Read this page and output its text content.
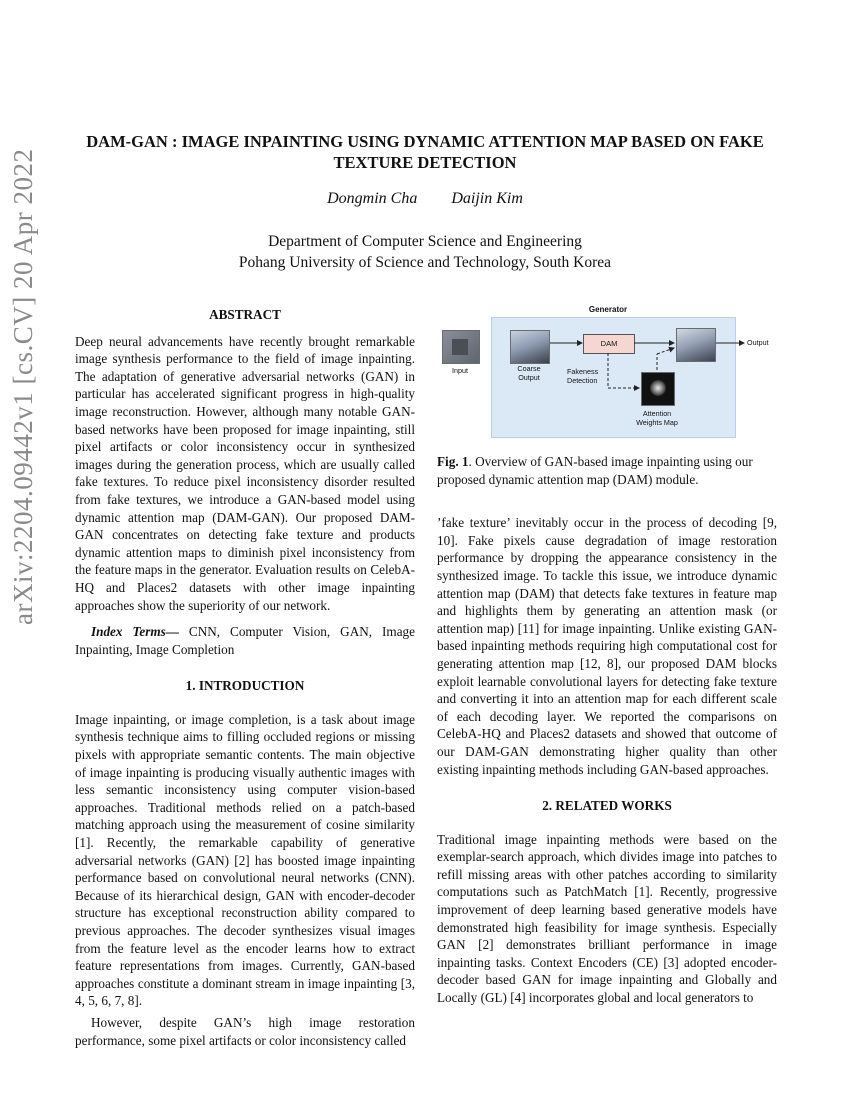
arXiv:2204.09442v1 [cs.CV] 20 Apr 2022
DAM-GAN : IMAGE INPAINTING USING DYNAMIC ATTENTION MAP BASED ON FAKE TEXTURE DETECTION
Dongmin Cha Daijin Kim
Department of Computer Science and Engineering
Pohang University of Science and Technology, South Korea
ABSTRACT

Deep neural advancements have recently brought remarkable image synthesis performance to the field of image inpainting. The adaptation of generative adversarial networks (GAN) in particular has accelerated significant progress in high-quality image reconstruction. However, although many notable GAN-based networks have been proposed for image inpainting, still pixel artifacts or color inconsistency occur in synthesized images during the generation process, which are usually called fake textures. To reduce pixel inconsistency disorder resulted from fake textures, we introduce a GAN-based model using dynamic attention map (DAM-GAN). Our proposed DAM-GAN concentrates on detecting fake texture and products dynamic attention maps to diminish pixel inconsistency from the feature maps in the generator. Evaluation results on CelebA-HQ and Places2 datasets with other image inpainting approaches show the superiority of our network.

Index Terms— CNN, Computer Vision, GAN, Image Inpainting, Image Completion

1. INTRODUCTION

Image inpainting, or image completion, is a task about image synthesis technique aims to filling occluded regions or missing pixels with appropriate semantic contents. The main objective of image inpainting is producing visually authentic images with less semantic inconsistency using computer vision-based approaches. Traditional methods relied on a patch-based matching approach using the measurement of cosine similarity [1]. Recently, the remarkable capability of generative adversarial networks (GAN) [2] has boosted image inpainting performance based on convolutional neural networks (CNN). Because of its hierarchical design, GAN with encoder-decoder structure has exceptional reconstruction ability compared to previous approaches. The decoder synthesizes visual images from the feature level as the encoder learns how to extract feature representations from images. Currently, GAN-based approaches constitute a dominant stream in image inpainting [3, 4, 5, 6, 7, 8].

However, despite GAN’s high image restoration performance, some pixel artifacts or color inconsistency called

Generator
Input	Coarse
Output
DAM	Output
Fakeness
Detection
Attention
Weights Map

Fig. 1. Overview of GAN-based image inpainting using our proposed dynamic attention map (DAM) module.

’fake texture’ inevitably occur in the process of decoding [9, 10]. Fake pixels cause degradation of image restoration performance by dropping the appearance consistency in the synthesized image. To tackle this issue, we introduce dynamic attention map (DAM) that detects fake textures in feature map and highlights them by generating an attention mask (or attention map) [11] for image inpainting. Unlike existing GAN-based inpainting methods requiring high computational cost for generating attention map [12, 8], our proposed DAM blocks exploit learnable convolutional layers for detecting fake texture and converting it into an attention map for each different scale of each decoding layer. We reported the comparisons on CelebA-HQ and Places2 datasets and showed that outcome of our DAM-GAN demonstrating higher quality than other existing inpainting methods including GAN-based approaches.

2. RELATED WORKS

Traditional image inpainting methods were based on the exemplar-search approach, which divides image into patches to refill missing areas with other patches according to similarity computations such as PatchMatch [1]. Recently, progressive improvement of deep learning based generative models have demonstrated high feasibility for image synthesis. Especially GAN [2] demonstrates brilliant performance in image inpainting tasks. Context Encoders (CE) [3] adopted encoder-decoder based GAN for image inpainting and Globally and Locally (GL) [4] incorporates global and local generators to
